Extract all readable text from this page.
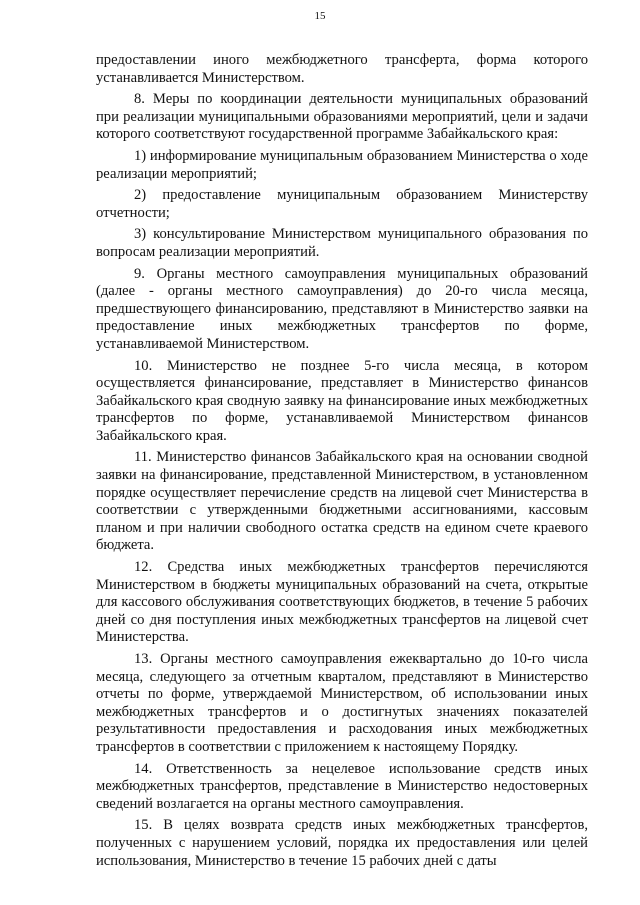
15

предоставлении иного межбюджетного трансферта, форма которого устанавливается Министерством.

8. Меры по координации деятельности муниципальных образований при реализации муниципальными образованиями мероприятий, цели и задачи которого соответствуют государственной программе Забайкальского края:

1) информирование муниципальным образованием Министерства о ходе реализации мероприятий;

2) предоставление муниципальным образованием Министерству отчетности;

3) консультирование Министерством муниципального образования по вопросам реализации мероприятий.

9. Органы местного самоуправления муниципальных образований (далее - органы местного самоуправления) до 20-го числа месяца, предшествующего финансированию, представляют в Министерство заявки на предоставление иных межбюджетных трансфертов по форме, устанавливаемой Министерством.

10. Министерство не позднее 5-го числа месяца, в котором осуществляется финансирование, представляет в Министерство финансов Забайкальского края сводную заявку на финансирование иных межбюджетных трансфертов по форме, устанавливаемой Министерством финансов Забайкальского края.

11. Министерство финансов Забайкальского края на основании сводной заявки на финансирование, представленной Министерством, в установленном порядке осуществляет перечисление средств на лицевой счет Министерства в соответствии с утвержденными бюджетными ассигнованиями, кассовым планом и при наличии свободного остатка средств на едином счете краевого бюджета.

12. Средства иных межбюджетных трансфертов перечисляются Министерством в бюджеты муниципальных образований на счета, открытые для кассового обслуживания соответствующих бюджетов, в течение 5 рабочих дней со дня поступления иных межбюджетных трансфертов на лицевой счет Министерства.

13. Органы местного самоуправления ежеквартально до 10-го числа месяца, следующего за отчетным кварталом, представляют в Министерство отчеты по форме, утверждаемой Министерством, об использовании иных межбюджетных трансфертов и о достигнутых значениях показателей результативности предоставления и расходования иных межбюджетных трансфертов в соответствии с приложением к настоящему Порядку.

14. Ответственность за нецелевое использование средств иных межбюджетных трансфертов, представление в Министерство недостоверных сведений возлагается на органы местного самоуправления.

15. В целях возврата средств иных межбюджетных трансфертов, полученных с нарушением условий, порядка их предоставления или целей использования, Министерство в течение 15 рабочих дней с даты
